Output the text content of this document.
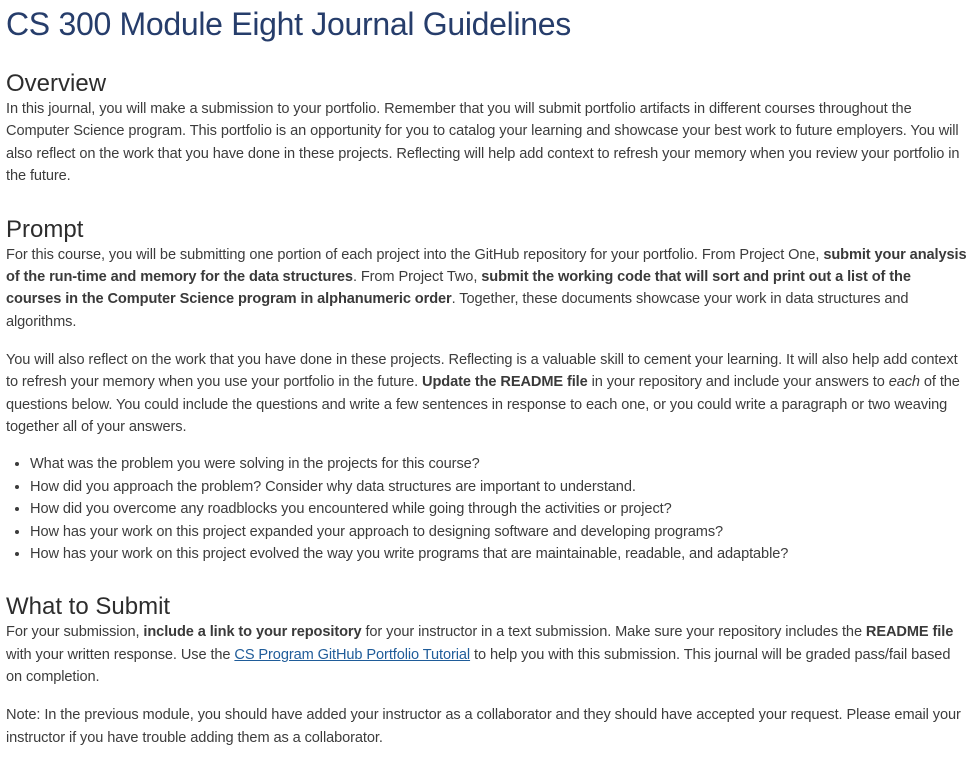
CS 300 Module Eight Journal Guidelines
Overview

In this journal, you will make a submission to your portfolio. Remember that you will submit portfolio artifacts in different courses throughout the Computer Science program. This portfolio is an opportunity for you to catalog your learning and showcase your best work to future employers. You will also reflect on the work that you have done in these projects. Reflecting will help add context to refresh your memory when you review your portfolio in the future.

Prompt

For this course, you will be submitting one portion of each project into the GitHub repository for your portfolio. From Project One, submit your analysis of the run-time and memory for the data structures. From Project Two, submit the working code that will sort and print out a list of the courses in the Computer Science program in alphanumeric order. Together, these documents showcase your work in data structures and algorithms.

You will also reflect on the work that you have done in these projects. Reflecting is a valuable skill to cement your learning. It will also help add context to refresh your memory when you use your portfolio in the future. Update the README file in your repository and include your answers to each of the questions below. You could include the questions and write a few sentences in response to each one, or you could write a paragraph or two weaving together all of your answers.

• What was the problem you were solving in the projects for this course?
• How did you approach the problem? Consider why data structures are important to understand.
• How did you overcome any roadblocks you encountered while going through the activities or project?
• How has your work on this project expanded your approach to designing software and developing programs?
• How has your work on this project evolved the way you write programs that are maintainable, readable, and adaptable?
What to Submit

For your submission, include a link to your repository for your instructor in a text submission. Make sure your repository includes the README file with your written response. Use the CS Program GitHub Portfolio Tutorial to help you with this submission. This journal will be graded pass/fail based on completion.

Note: In the previous module, you should have added your instructor as a collaborator and they should have accepted your request. Please email your instructor if you have trouble adding them as a collaborator.
